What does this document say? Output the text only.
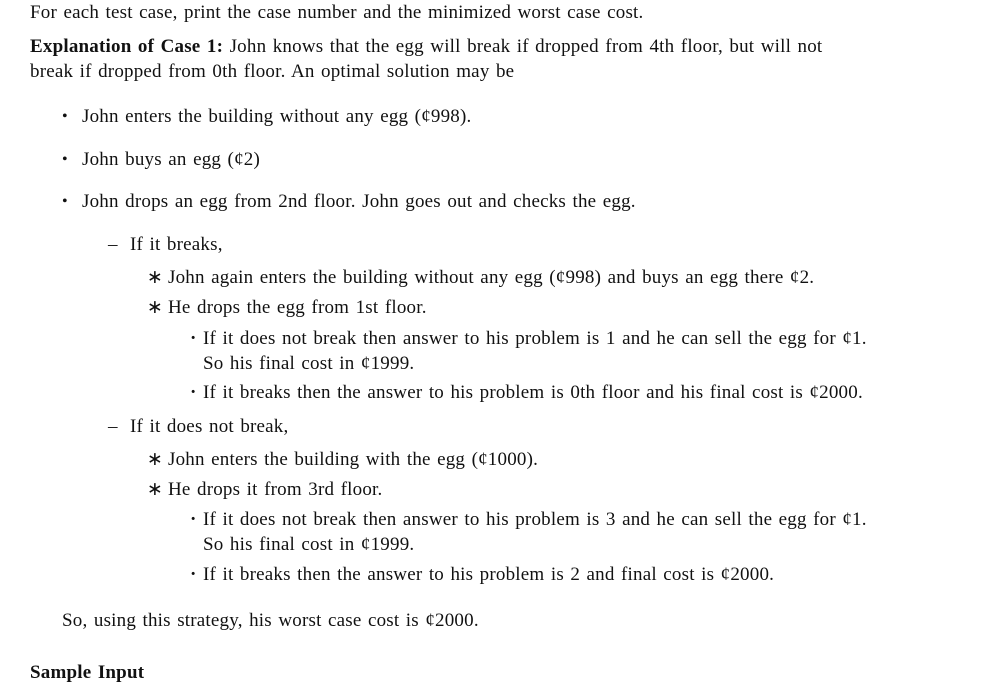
For each test case, print the case number and the minimized worst case cost.
Explanation of Case 1: John knows that the egg will break if dropped from 4th floor, but will not
break if dropped from 0th floor. An optimal solution may be
• John enters the building without any egg (¢998).
• John buys an egg (¢2)
• John drops an egg from 2nd floor. John goes out and checks the egg.
– If it breaks,
∗ John again enters the building without any egg (¢998) and buys an egg there ¢2.
∗ He drops the egg from 1st floor.
· If it does not break then answer to his problem is 1 and he can sell the egg for ¢1.
So his final cost in ¢1999.
· If it breaks then the answer to his problem is 0th floor and his final cost is ¢2000.
– If it does not break,
∗ John enters the building with the egg (¢1000).
∗ He drops it from 3rd floor.
· If it does not break then answer to his problem is 3 and he can sell the egg for ¢1.
So his final cost in ¢1999.
· If it breaks then the answer to his problem is 2 and final cost is ¢2000.
So, using this strategy, his worst case cost is ¢2000.
Sample Input
